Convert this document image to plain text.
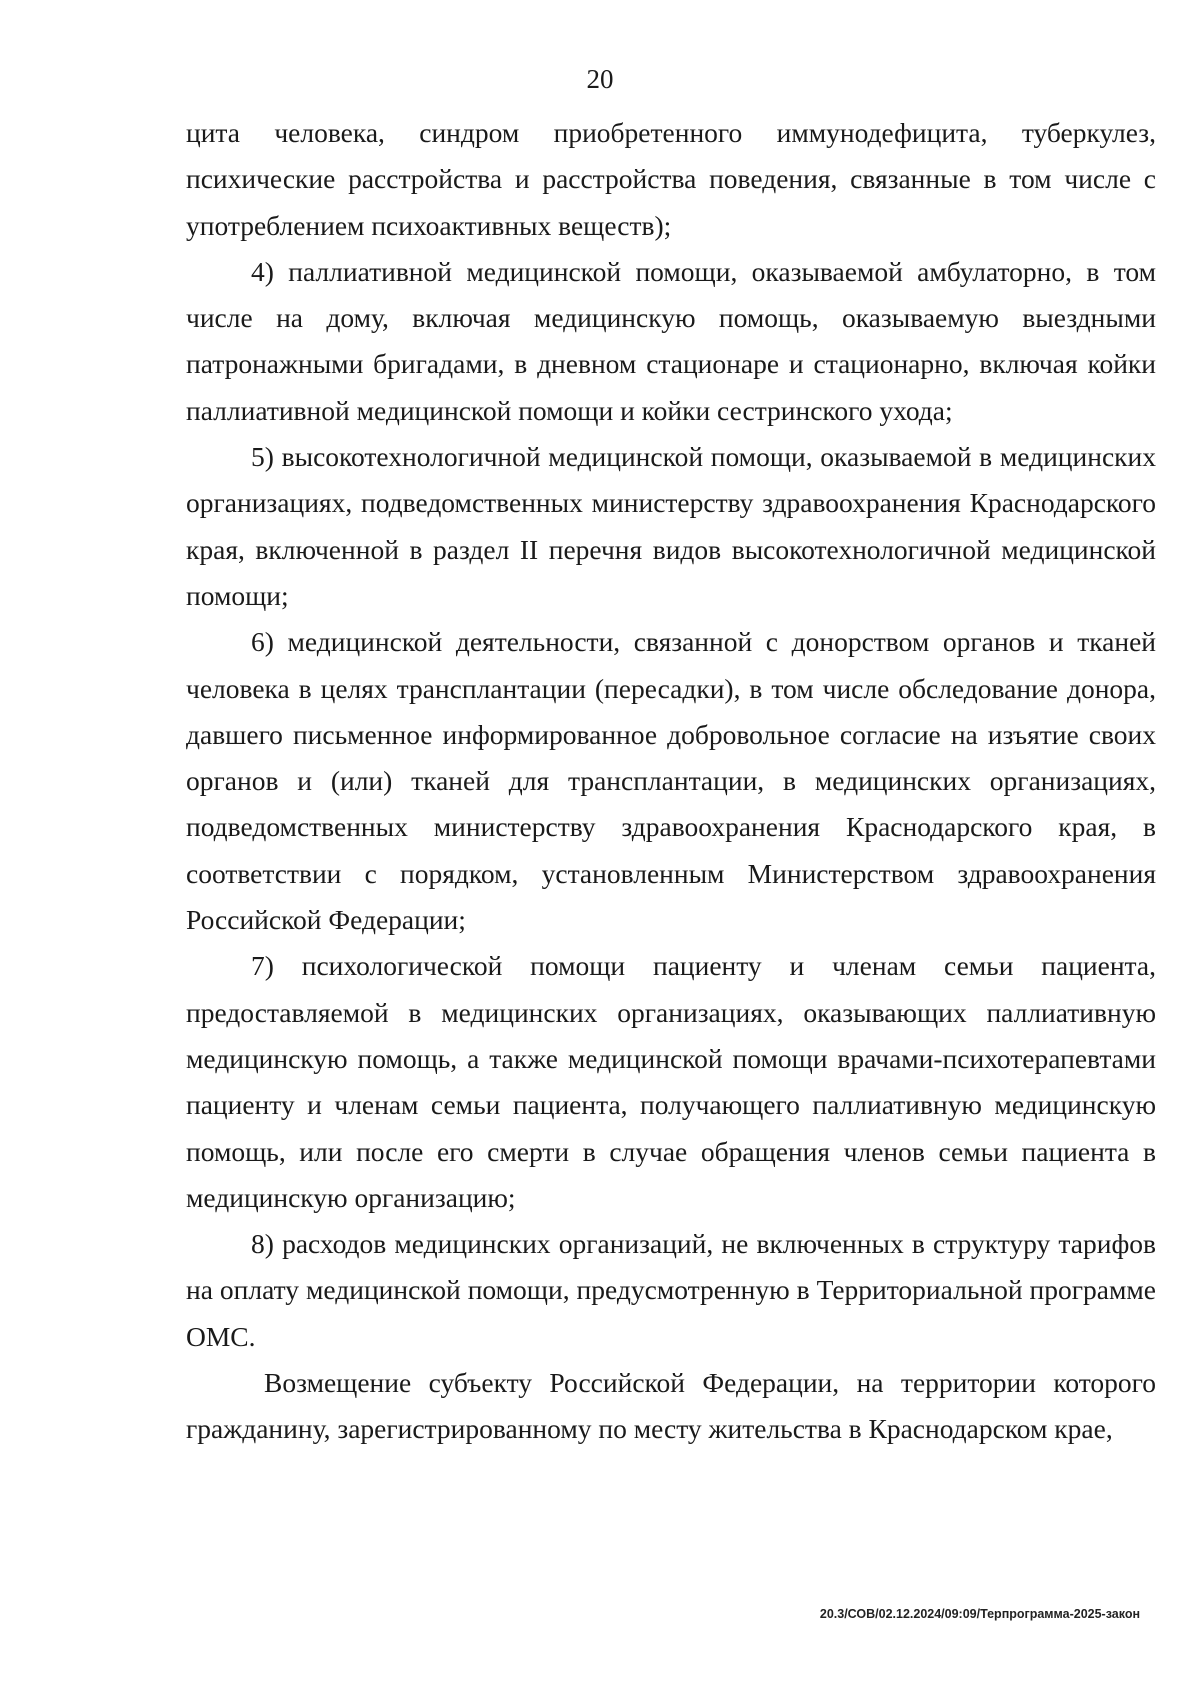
20

цита человека, синдром приобретенного иммунодефицита, туберкулез, психические расстройства и расстройства поведения, связанные в том числе с употреблением психоактивных веществ);

4) паллиативной медицинской помощи, оказываемой амбулаторно, в том числе на дому, включая медицинскую помощь, оказываемую выездными патронажными бригадами, в дневном стационаре и стационарно, включая койки паллиативной медицинской помощи и койки сестринского ухода;

5) высокотехнологичной медицинской помощи, оказываемой в медицинских организациях, подведомственных министерству здравоохранения Краснодарского края, включенной в раздел II перечня видов высокотехнологичной медицинской помощи;

6) медицинской деятельности, связанной с донорством органов и тканей человека в целях трансплантации (пересадки), в том числе обследование донора, давшего письменное информированное добровольное согласие на изъятие своих органов и (или) тканей для трансплантации, в медицинских организациях, подведомственных министерству здравоохранения Краснодарского края, в соответствии с порядком, установленным Министерством здравоохранения Российской Федерации;

7) психологической помощи пациенту и членам семьи пациента, предоставляемой в медицинских организациях, оказывающих паллиативную медицинскую помощь, а также медицинской помощи врачами-психотерапевтами пациенту и членам семьи пациента, получающего паллиативную медицинскую помощь, или после его смерти в случае обращения членов семьи пациента в медицинскую организацию;

8) расходов медицинских организаций, не включенных в структуру тарифов на оплату медицинской помощи, предусмотренную в Территориальной программе ОМС.

Возмещение субъекту Российской Федерации, на территории которого гражданину, зарегистрированному по месту жительства в Краснодарском крае,

20.3/СОВ/02.12.2024/09:09/Терпрограмма-2025-закон
